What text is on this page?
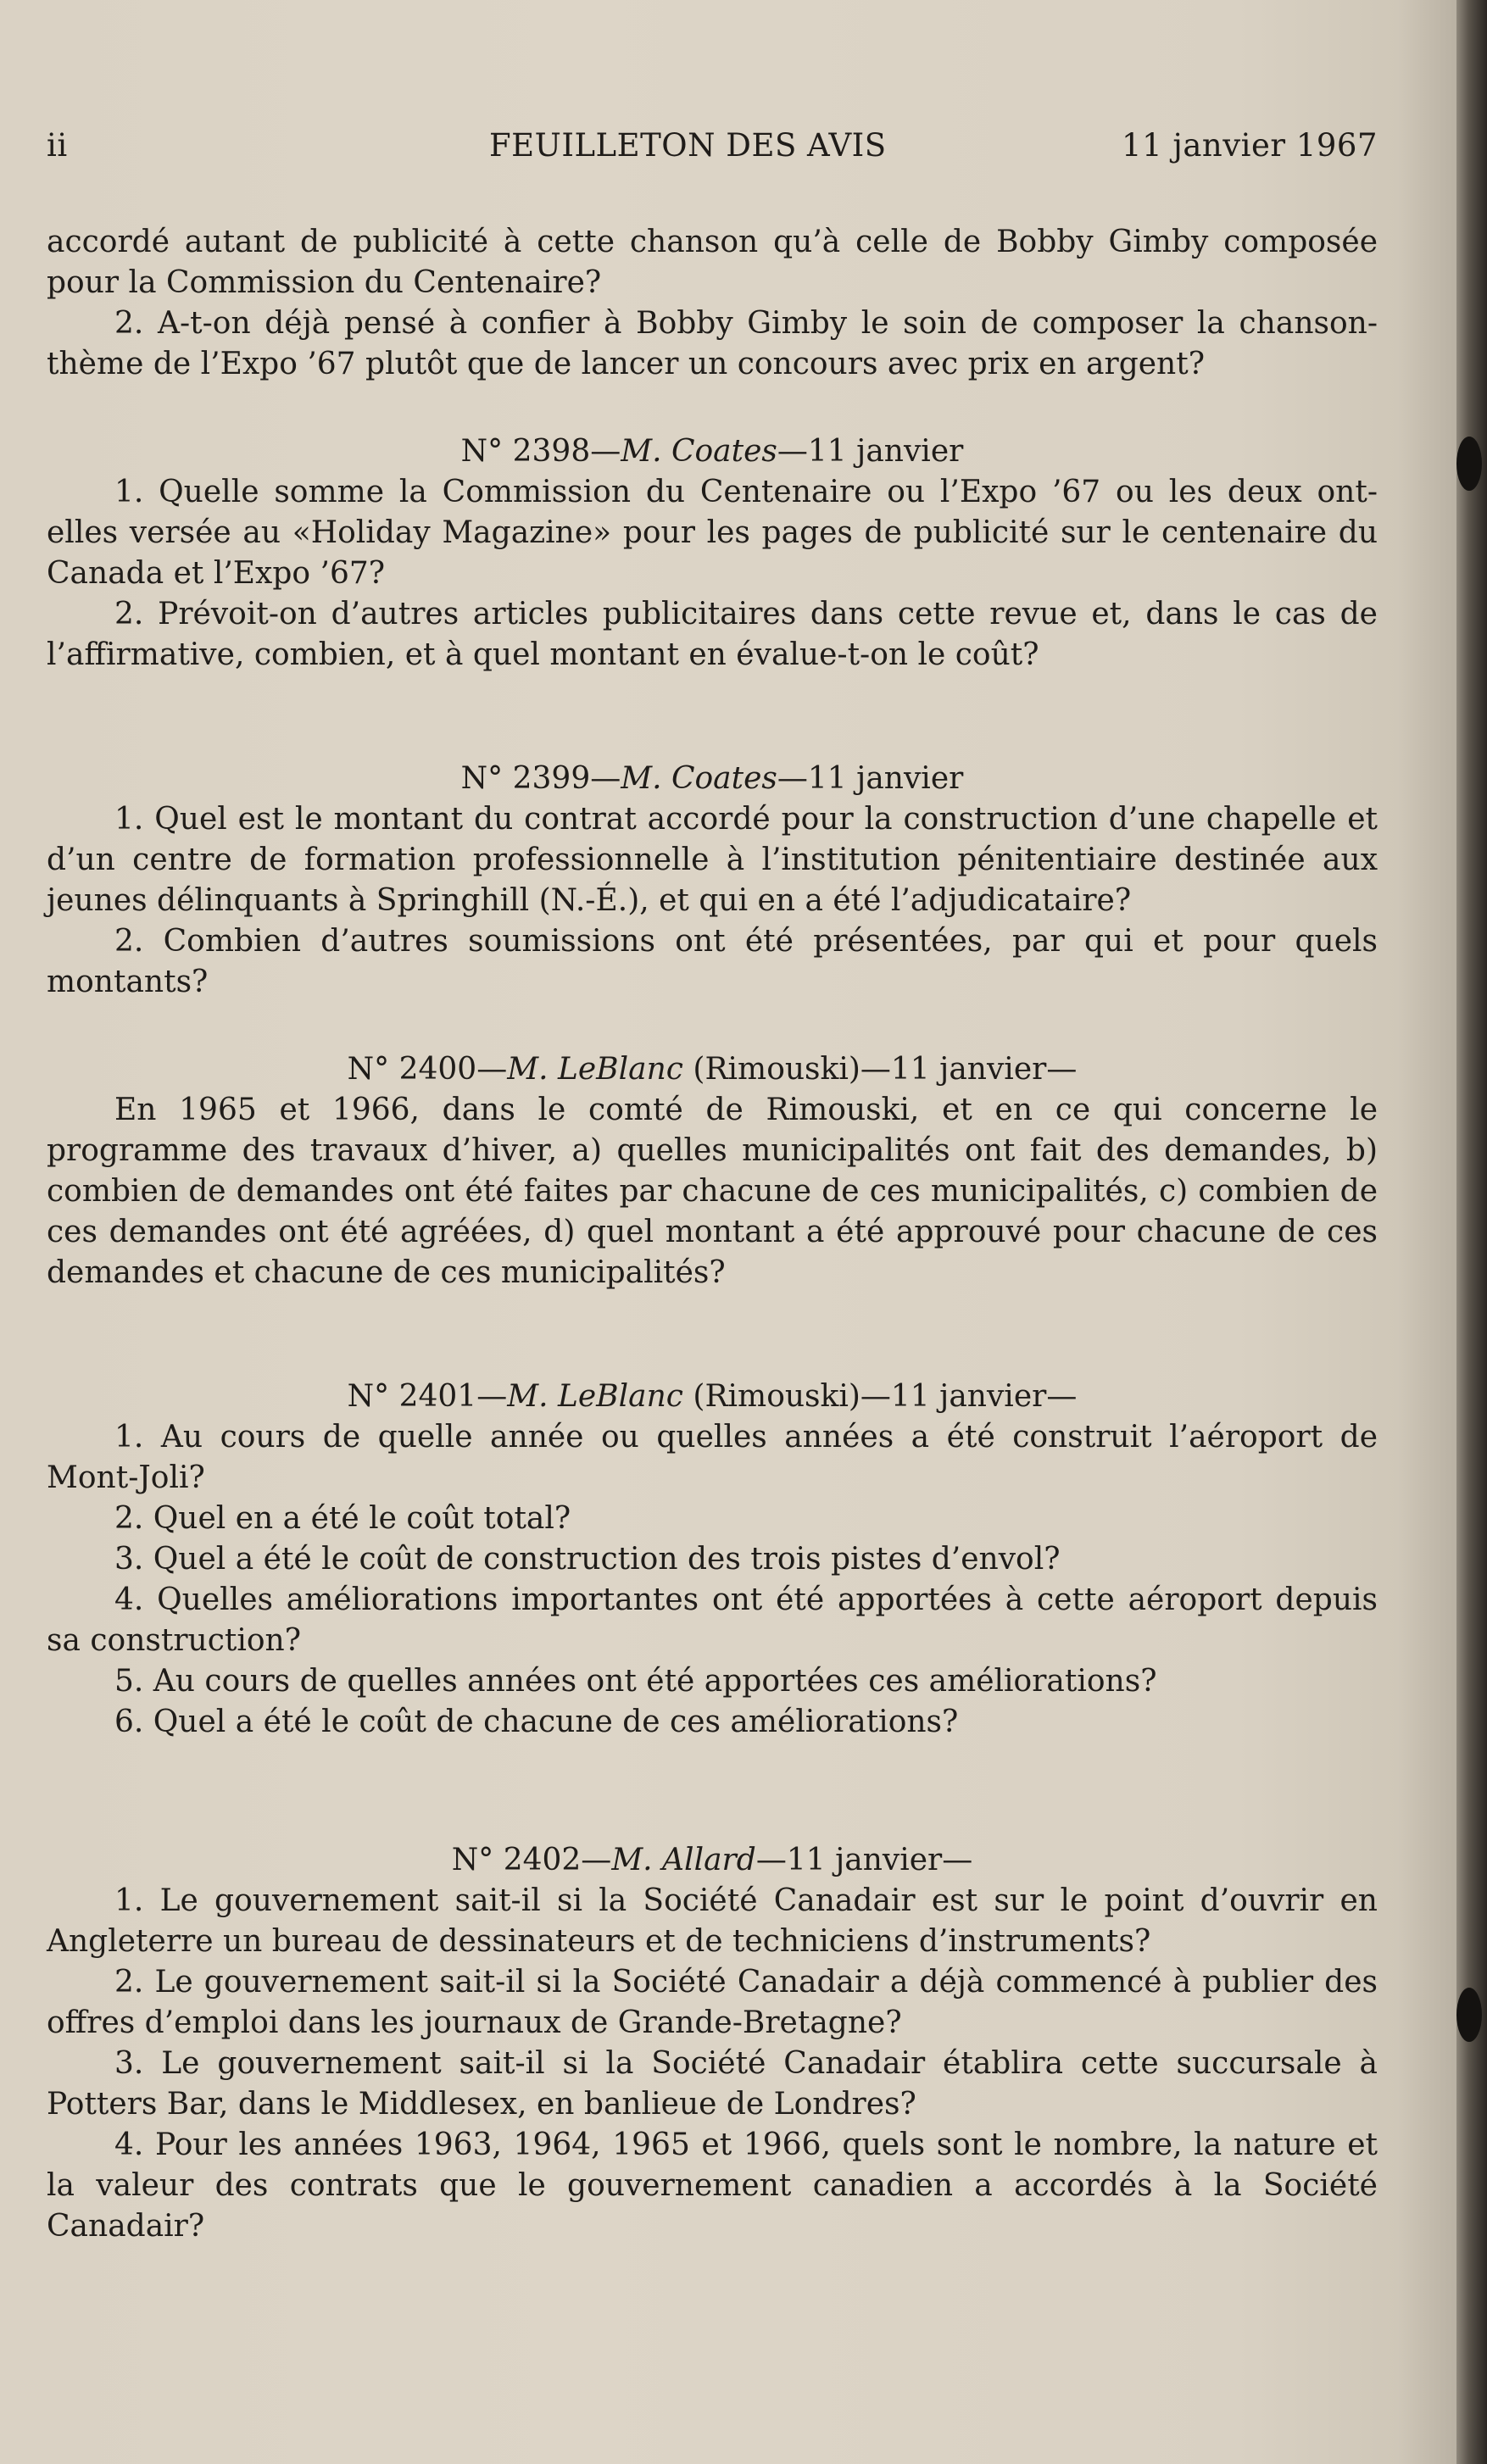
ii	FEUILLETON DES AVIS	11 janvier 1967

accordé autant de publicité à cette chanson qu’à celle de Bobby Gimby composée pour la Commission du Centenaire?

2. A-t-on déjà pensé à confier à Bobby Gimby le soin de composer la chanson-thème de l’Expo ’67 plutôt que de lancer un concours avec prix en argent?

N° 2398—M. Coates—11 janvier

1. Quelle somme la Commission du Centenaire ou l’Expo ’67 ou les deux ont-elles versée au «Holiday Magazine» pour les pages de publicité sur le centenaire du Canada et l’Expo ’67?

2. Prévoit-on d’autres articles publicitaires dans cette revue et, dans le cas de l’affirmative, combien, et à quel montant en évalue-t-on le coût?

N° 2399—M. Coates—11 janvier

1. Quel est le montant du contrat accordé pour la construction d’une chapelle et d’un centre de formation professionnelle à l’institution pénitentiaire destinée aux jeunes délinquants à Springhill (N.-É.), et qui en a été l’adjudicataire?

2. Combien d’autres soumissions ont été présentées, par qui et pour quels montants?

N° 2400—M. LeBlanc (Rimouski)—11 janvier—

En 1965 et 1966, dans le comté de Rimouski, et en ce qui concerne le programme des travaux d’hiver, a) quelles municipalités ont fait des demandes, b) combien de demandes ont été faites par chacune de ces municipalités, c) combien de ces demandes ont été agréées, d) quel montant a été approuvé pour chacune de ces demandes et chacune de ces municipalités?

N° 2401—M. LeBlanc (Rimouski)—11 janvier—

1. Au cours de quelle année ou quelles années a été construit l’aéroport de Mont-Joli?

2. Quel en a été le coût total?

3. Quel a été le coût de construction des trois pistes d’envol?

4. Quelles améliorations importantes ont été apportées à cette aéroport depuis sa construction?

5. Au cours de quelles années ont été apportées ces améliorations?

6. Quel a été le coût de chacune de ces améliorations?

N° 2402—M. Allard—11 janvier—

1. Le gouvernement sait-il si la Société Canadair est sur le point d’ouvrir en Angleterre un bureau de dessinateurs et de techniciens d’instruments?

2. Le gouvernement sait-il si la Société Canadair a déjà commencé à publier des offres d’emploi dans les journaux de Grande-Bretagne?

3. Le gouvernement sait-il si la Société Canadair établira cette succursale à Potters Bar, dans le Middlesex, en banlieue de Londres?

4. Pour les années 1963, 1964, 1965 et 1966, quels sont le nombre, la nature et la valeur des contrats que le gouvernement canadien a accordés à la Société Canadair?
